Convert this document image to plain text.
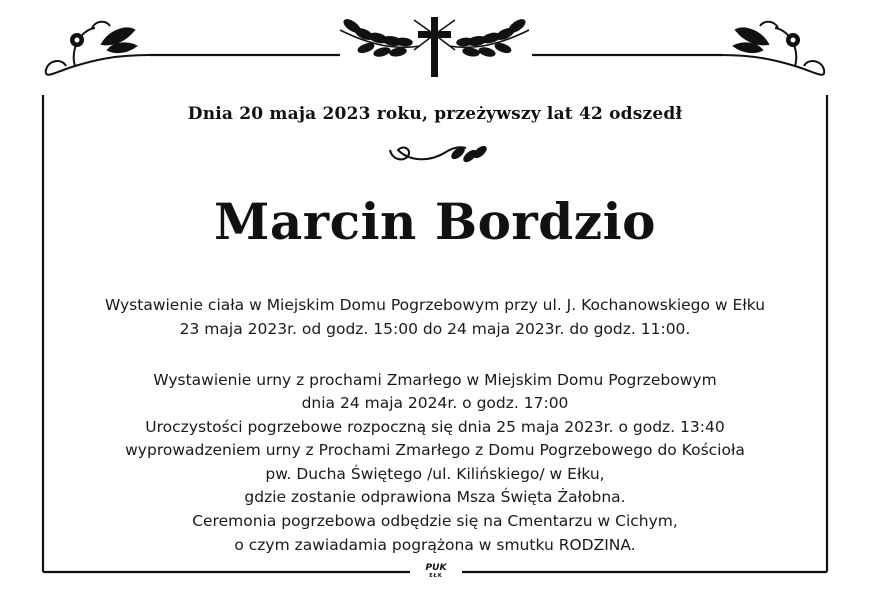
Dnia 20 maja 2023 roku, przeżywszy lat 42 odszedł
Marcin Bordzio
Wystawienie ciała w Miejskim Domu Pogrzebowym przy ul. J. Kochanowskiego w Ełku
23 maja 2023r. od godz. 15:00 do 24 maja 2023r. do godz. 11:00.
Wystawienie urny z prochami Zmarłego w Miejskim Domu Pogrzebowym
dnia 24 maja 2024r. o godz. 17:00
Uroczystości pogrzebowe rozpoczną się dnia 25 maja 2023r. o godz. 13:40
wyprowadzeniem urny z Prochami Zmarłego z Domu Pogrzebowego do Kościoła
pw. Ducha Świętego /ul. Kilińskiego/ w Ełku,
gdzie zostanie odprawiona Msza Święta Żałobna.
Ceremonia pogrzebowa odbędzie się na Cmentarzu w Cichym,
o czym zawiadamia pogrążona w smutku RODZINA.
PUK
EŁK
